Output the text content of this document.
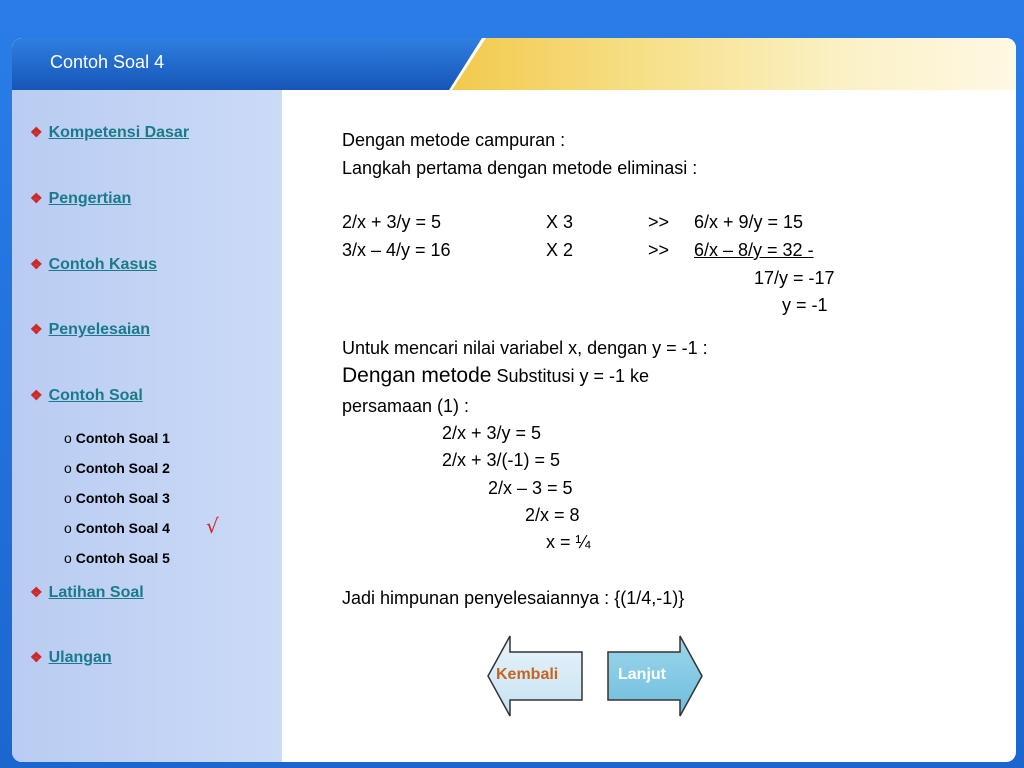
Contoh Soal 4
❖ Kompetensi Dasar
❖ Pengertian
❖ Contoh Kasus
❖ Penyelesaian
❖ Contoh Soal
o Contoh Soal 1
o Contoh Soal 2
o Contoh Soal 3
o Contoh Soal 4
o Contoh Soal 5
√
❖ Latihan Soal
❖ Ulangan
Dengan metode campuran :
Langkah pertama dengan metode eliminasi :
2/x + 3/y = 5	X 3	>> 6/x + 9/y = 15
3/x – 4/y = 16	X 2	>> 6/x – 8/y = 32 -
17/y = -17
y = -1
Untuk mencari nilai variabel x, dengan y = -1 :
Dengan metode Substitusi y = -1 ke
persamaan (1) :
2/x + 3/y = 5
2/x + 3/(-1) = 5
2/x – 3 = 5
2/x = 8
x = ¼
Jadi himpunan penyelesaiannya : {(1/4,-1)}
Kembali	Lanjut
